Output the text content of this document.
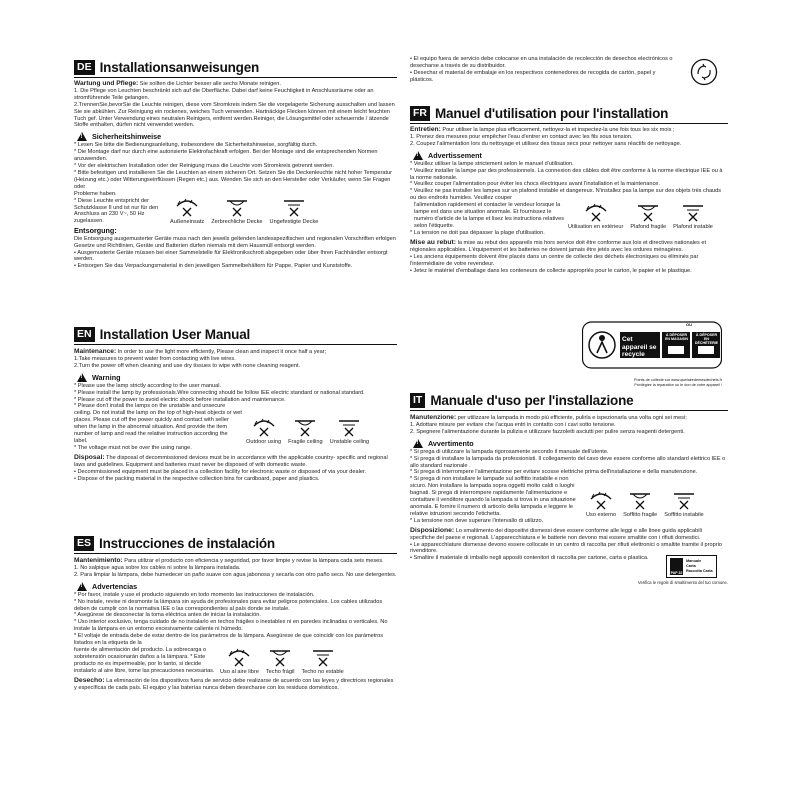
DE Installationsanweisungen

Wartung und Pflege: Sie sollten die Lichter besser alle sechs Monate reinigen.

1. Die Pflege von Leuchten beschränkt sich auf die Oberfläche. Dabei darf keine Feuchtigkeit in Anschlussräume oder an stromführende Teile gelangen.

2.TrennenSie,bevorSie die Leuchte reinigen, diese vom Stromkreis indem Sie die vorgelagerte Sicherung ausschalten und lassen Sie sie abkühlen. Zur Reinigung ein rockenes, weiches Tuch verwenden. Hartnäckige Flecken können mit einem leicht feuchten Tuch gef. Unter Verwendung eines neutralen Reinigers, entfernt werden.Reiniger, die Lösungsmittel oder scheuernde / ätzende Stoffe enthalten, dürfen nicht verwendet werden.

!
Sicherheitshinweise

* Lesen Sie bitte die Bedienungsanleitung, insbesondere die Sicherheitshinweise, sorgfältig durch.

* Die Montage darf nur durch eine autorisierte Elektrofachkraft erfolgen. Bei der Montage sind die entsprechenden Normen anzuwenden.

* Vor der elektrischen Installation oder der Reinigung muss die Leuchte vom Stromkreis getrennt werden.

* Bitte befestigen und installieren Sie die Leuchten an einem sicheren Ort. Setzen Sie die Deckenleuchte nicht hoher Temperatur (Heizung etc.) oder Witterungseinflüssen (Regen etc.) aus. Wenden Sie sich an den Hersteller oder Verkäufer, wenn Sie Fragen oder

Probleme haben.

* Diese Leuchte entspricht der Schutzklasse II und ist nur für den Anschluss an 230 V~, 50 Hz zugelassen.	Außeneinsatz Zerbrechliche Decke Ungefestigte Decke
Entsorgung:

Die Entsorgung ausgemusterter Geräte muss nach den jeweils geltenden landesspezifischen und regionalen Vorschriften erfolgen Gesetze und Richtlinien, Geräte und Batterien dürfen niemals mit dem Hausmüll entsorgt werden.

• Ausgemusterte Geräte müssen bei einer Sammelstelle für Elektronikschrott abgegeben oder über Ihren Fachhändler entsorgt werden.

• Entsorgen Sie das Verpackungsmaterial in den jeweiligen Sammelbehältern für Pappe, Papier und Kunststoffe.

EN Installation User Manual

Maintenance: In order to use the light more efficiently, Please clean and inspect it once half a year;

1.Take measures to prevent water from contacting with live wires.

2.Turn the power off when cleaning and use dry tissues to wipe with none cleaning reagent.

!
Warning

* Please use the lamp strictly according to the user manual.

* Please install the lamp by professionals.Wire connecting should be follow IEE electric standard or national standard.

* Please cut off the power to avoid electric shock before installation and maintenance.

* Please don't install the lamps on the unstable and unsecure ceiling. Do not install the lamp on the top of high-heat objects or wet places. Please cut off the power quickly and contact with seller when the lamp in the abnormal situation. And provide the item number of lamp and read the relative instruction according the label.	Outdoor using Fragile ceiling Unstable ceiling
* The voltage must not be over the using range.

Disposal: The disposal of decommissioned devices must be in accordance with the applicable country- specific and regional laws and guidelines. Equipment and batteries must never be disposed of with domestic waste.

• Decommissioned equipment must be placed in a collection facility for electronic waste or disposed of via your dealer.

• Dispose of the packing material in the respective collection bins for cardboard, paper and plastics.

ES Instrucciones de instalación

Mantenimiento: Para utilizar el producto con eficiencia y seguridad, por favor limpie y revise la lámpara cada seis meses.

1. No salpique agua sobre los cables ni sobre la lámpara instalada.

2. Para limpiar la lámpara, debe humedecer un paño suave con agua jabonosa y secarla con otro paño seco. No use detergentes.

!
Advertencias

* Por favor, instale y use el producto siguiendo en todo momento las instrucciones de instalación.

* No instale, revise ni desmonte la lámpara sin ayuda de profesionales para evitar peligros potenciales. Los cables utilizados deben de cumplir con la normativa IEE o las correspondientes al país donde se instale.

* Asegúrese de desconectar la toma eléctrica antes de iniciar la instalación.

* Uso interior exclusivo, tenga cuidado de no instalarlo en techos frágiles o inestables ni en paredes inclinadas o verticales. No instale la lámpara en un entorno excesivamente caliente ni húmedo.

* El voltaje de entrada debe de estar dentro de los parámetros de la lámpara. Asegúrese de que coincidir con los parámetros listados en la etiqueta de la

fuente de alimentación del producto. La sobrecarga o sobretensión ocasionarán daños a la lámpara. * Este producto no es impermeable, por lo tanto, si decide instalarlo al aire libre, tome las precauciones necesarias. Uso al aire libre Techo frágil Techo no estable

Desecho: La eliminación de los dispositivos fuera de servicio debe realizarse de acuerdo con las leyes y directrices regionales y específicas de cada país. El equipo y las baterías nunca deben desecharse con los residuos domésticos.

• El equipo fuera de servicio debe colocarse en una instalación de recolección de desechos electrónicos o desecharse a través de su distribuidor.

• Desechar el material de embalaje en los respectivos contenedores de recogida de cartón, papel y plásticos.

FR Manuel d'utilisation pour l'installation

Entretien: Pour utiliser la lampe plus efficacement, nettoyez-la et inspectez-la une fois tous les six mois ;

1. Prenez des mesures pour empêcher l'eau d'entrer en contact avec les fils sous tension.

2. Coupez l'alimentation lors du nettoyage et utilisez des tissus secs pour nettoyer sans réactifs de nettoyage.

!
Advertissement

* Veuillez utiliser la lampe strictement selon le manuel d'utilisation.

* Veuillez installer la lampe par des professionnels. La connexion des câbles doit être conforme à la norme électrique IEE ou à la norme nationale.

* Veuillez couper l'alimentation pour éviter les chocs électriques avant l'installation et la maintenance.

* Veuillez ne pas installer les lampes sur un plafond instable et dangereux. N'installez pas la lampe sur des objets très chauds ou des endroits humides. Veuillez couper

l'alimentation rapidement et contacter le vendeur lorsque la lampe est dans une situation anormale. Et fournissez le numéro d'article de la lampe et lisez les instructions relatives selon l'étiquette.	Utilisation en extérieur Plafond fragile Plafond instable
* La tension ne doit pas dépasser la plage d'utilisation.

Mise au rebut: la mise au rebut des appareils mis hors service doit être conforme aux lois et directives nationales et régionales applicables. L'équipement et les batteries ne doivent jamais être jetés avec les ordures ménagères.

• Les anciens équipements doivent être placés dans un centre de collecte des déchets électroniques ou éliminés par l'intermédiaire de votre revendeur.

• Jetez le matériel d'emballage dans les conteneurs de collecte appropriés pour le carton, le papier et le plastique.

Cet appareil se recycle
À DÉPOSER EN MAGASIN
À DÉPOSER EN DÉCHÈTERIE
OU
Points de collecte sur www.quefairedemesdechets.fr
Privilégiez la réparation ou le don de votre appareil !
IT Manuale d'uso per l'installazione

Manutenzione: per utilizzare la lampada in modo più efficiente, pulirla e ispezionarla una volta ogni sei mesi;

1. Adottare misure per evitare che l'acqua entri in contatto con i cavi sotto tensione.

2. Spegnere l'alimentazione durante la pulizia e utilizzare fazzoletti asciutti per pulire senza reagenti detergenti.

!
Avvertimento

* Si prega di utilizzare la lampada rigorosamente secondo il manuale dell'utente.

* Si prega di installare la lampada da professionisti. Il collegamento del cavo deve essere conforme allo standard elettrico IEE o allo standard nazionale .

* Si prega di interrompere l'alimentazione per evitare scosse elettriche prima dell'installazione e della manutenzione.

* Si prega di non installare le lampade sul soffitto instabile e non sicuro. Non installare la lampada sopra oggetti molto caldi o luoghi bagnati. Si prega di interrompere rapidamente l'alimentazione e contattare il venditore quando la lampada si trova in una situazione anomala. E fornire il numero di articolo della lampada e leggere le relative istruzioni secondo l'etichetta.	Uso esterno Soffitto fragile Soffitto instabile
* La tensione non deve superare l'intervallo di utilizzo.

Disposizione: Lo smaltimento dei dispositivi dismessi deve essere conforme alle leggi e alle linee guida applicabili specifiche del paese e regionali. L'apparecchiatura e le batterie non devono mai essere smaltite con i rifiuti domestici.

• Le apparecchiature dismesse devono essere collocate in un centro di raccolta per rifiuti elettronici o smaltite tramite il proprio rivenditore.

• Smaltire il materiale di imballo negli appositi contenitori di raccolta per cartone, carta e plastica.
PAP 22
Manuale
Carta
Raccolta Carta
Verifica le regole di smaltimento del tuo comune.
